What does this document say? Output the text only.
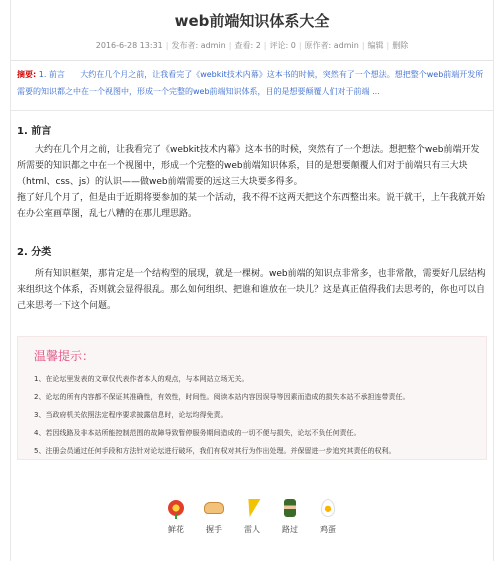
web前端知识体系大全
2016-6-28 13:31 | 发布者: admin | 查看: 2 | 评论: 0 | 原作者: admin | 编辑 | 删除
摘要: 1. 前言 大约在几个月之前，让我看完了《webkit技术内幕》这本书的时候，突然有了一个想法。想把整个web前端开发所需要的知识都之中在一个视图中，形成一个完整的web前端知识体系，目的是想要颠覆人们对于前端 ...
1. 前言

大约在几个月之前，让我看完了《webkit技术内幕》这本书的时候，突然有了一个想法。想把整个web前端开发所需要的知识都之中在一个视图中，形成一个完整的web前端知识体系，目的是想要颠覆人们对于前端只有三大块（html、css、js）的认识——做web前端需要的远这三大块要多得多。

拖了好几个月了，但是由于近期将要参加的某一个活动，我不得不这两天把这个东西整出来。说干就干，上午我就开始在办公室画草图，乱七八糟的在那儿理思路。

2. 分类

所有知识框架，那肯定是一个结构型的展现，就是一棵树。web前端的知识点非常多，也非常散，需要好几层结构来组织这个体系，否则就会显得很乱。那么如何组织、把谁和谁放在一块儿？这是真正值得我们去思考的，你也可以自己来思考一下这个问题。

温馨提示：
1、在论坛里发表的文章仅代表作者本人的观点，与本网站立场无关。
2、论坛的所有内容都不保证其准确性，有效性，时间性。阅读本站内容因误导等因素而造成的损失本站不承担连带责任。
3、当政府机关依照法定程序要求披露信息时，论坛均得免责。
4、若因线路及非本站所能控制范围的故障导致暂停服务期间造成的一切不便与损失，论坛不负任何责任。
5、注册会员通过任何手段和方法针对论坛进行破坏，我们有权对其行为作出处理。并保留进一步追究其责任的权利。
鲜花	握手	雷人	路过	鸡蛋
